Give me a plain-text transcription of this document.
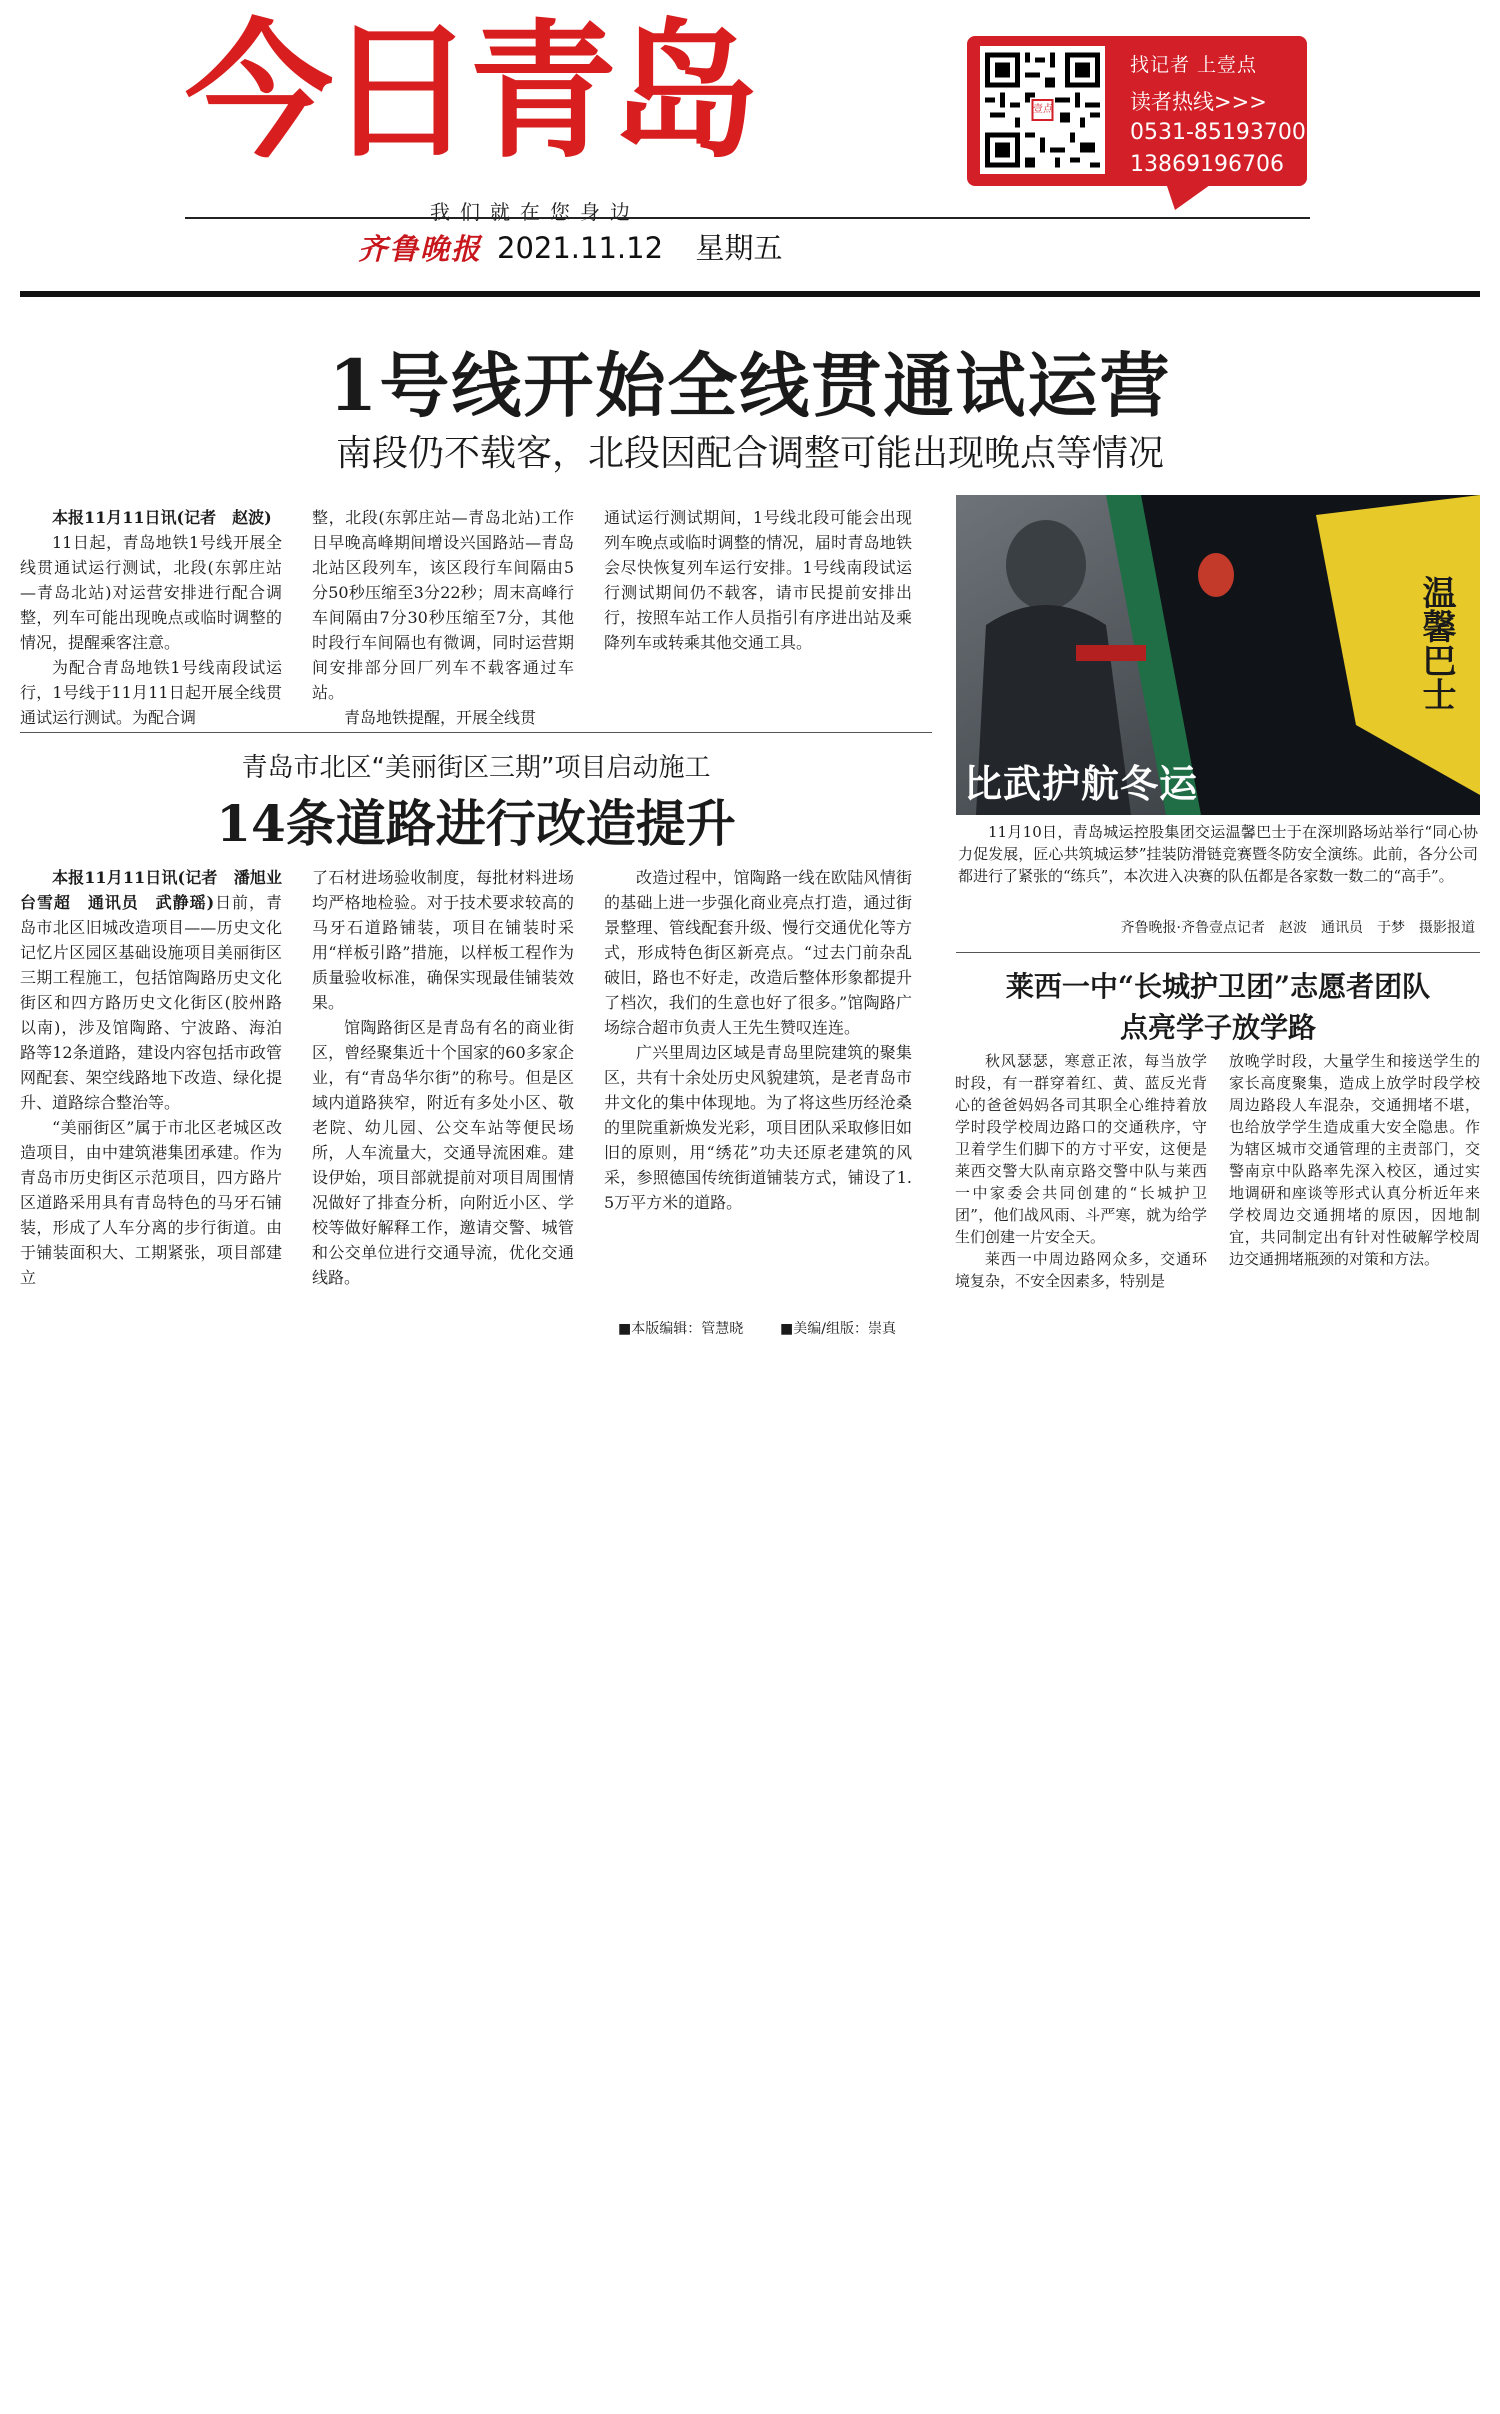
今日青岛	壹点
找记者 上壹点
读者热线>>>
0531-85193700
13869196706
我们就在您身边
齐鲁晚报 2021.11.12 星期五
1号线开始全线贯通试运营
南段仍不载客，北段因配合调整可能出现晚点等情况

本报11月11日讯(记者　赵波)

11日起，青岛地铁1号线开展全线贯通试运行测试，北段(东郭庄站—青岛北站)对运营安排进行配合调整，列车可能出现晚点或临时调整的情况，提醒乘客注意。

为配合青岛地铁1号线南段试运行，1号线于11月11日起开展全线贯通试运行测试。为配合调

整，北段(东郭庄站—青岛北站)工作日早晚高峰期间增设兴国路站—青岛北站区段列车，该区段行车间隔由5分50秒压缩至3分22秒；周末高峰行车间隔由7分30秒压缩至7分，其他时段行车间隔也有微调，同时运营期间安排部分回厂列车不载客通过车站。

青岛地铁提醒，开展全线贯

通试运行测试期间，1号线北段可能会出现列车晚点或临时调整的情况，届时青岛地铁会尽快恢复列车运行安排。1号线南段试运行测试期间仍不载客，请市民提前安排出行，按照车站工作人员指引有序进出站及乘降列车或转乘其他交通工具。	温馨巴士
比武护航冬运

11月10日，青岛城运控股集团交运温馨巴士于在深圳路场站举行“同心协力促发展，匠心共筑城运梦”挂装防滑链竞赛暨冬防安全演练。此前，各分公司都进行了紧张的“练兵”，本次进入决赛的队伍都是各家数一数二的“高手”。

齐鲁晚报·齐鲁壹点记者　赵波　通讯员　于梦　摄影报道
青岛市北区“美丽街区三期”项目启动施工
14条道路进行改造提升

本报11月11日讯(记者　潘旭业　台雪超　通讯员　武静瑶)日前，青岛市北区旧城改造项目——历史文化记忆片区园区基础设施项目美丽街区三期工程施工，包括馆陶路历史文化街区和四方路历史文化街区(胶州路以南)，涉及馆陶路、宁波路、海泊路等12条道路，建设内容包括市政管网配套、架空线路地下改造、绿化提升、道路综合整治等。

“美丽街区”属于市北区老城区改造项目，由中建筑港集团承建。作为青岛市历史街区示范项目，四方路片区道路采用具有青岛特色的马牙石铺装，形成了人车分离的步行街道。由于铺装面积大、工期紧张，项目部建立

了石材进场验收制度，每批材料进场均严格地检验。对于技术要求较高的马牙石道路铺装，项目在铺装时采用“样板引路”措施，以样板工程作为质量验收标准，确保实现最佳铺装效果。

馆陶路街区是青岛有名的商业街区，曾经聚集近十个国家的60多家企业，有“青岛华尔街”的称号。但是区域内道路狭窄，附近有多处小区、敬老院、幼儿园、公交车站等便民场所，人车流量大，交通导流困难。建设伊始，项目部就提前对项目周围情况做好了排查分析，向附近小区、学校等做好解释工作，邀请交警、城管和公交单位进行交通导流，优化交通线路。

改造过程中，馆陶路一线在欧陆风情街的基础上进一步强化商业亮点打造，通过街景整理、管线配套升级、慢行交通优化等方式，形成特色街区新亮点。“过去门前杂乱破旧，路也不好走，改造后整体形象都提升了档次，我们的生意也好了很多。”馆陶路广场综合超市负责人王先生赞叹连连。

广兴里周边区域是青岛里院建筑的聚集区，共有十余处历史风貌建筑，是老青岛市井文化的集中体现地。为了将这些历经沧桑的里院重新焕发光彩，项目团队采取修旧如旧的原则，用“绣花”功夫还原老建筑的风采，参照德国传统街道铺装方式，铺设了1.5万平方米的道路。

莱西一中“长城护卫团”志愿者团队
点亮学子放学路

秋风瑟瑟，寒意正浓，每当放学时段，有一群穿着红、黄、蓝反光背心的爸爸妈妈各司其职全心维持着放学时段学校周边路口的交通秩序，守卫着学生们脚下的方寸平安，这便是莱西交警大队南京路交警中队与莱西一中家委会共同创建的“长城护卫团”，他们战风雨、斗严寒，就为给学生们创建一片安全天。

莱西一中周边路网众多，交通环境复杂，不安全因素多，特别是

放晚学时段，大量学生和接送学生的家长高度聚集，造成上放学时段学校周边路段人车混杂，交通拥堵不堪，也给放学学生造成重大安全隐患。作为辖区城市交通管理的主责部门，交警南京中队路率先深入校区，通过实地调研和座谈等形式认真分析近年来学校周边交通拥堵的原因，因地制宜，共同制定出有针对性破解学校周边交通拥堵瓶颈的对策和方法。

■本版编辑：管慧晓	■美编/组版：崇真
